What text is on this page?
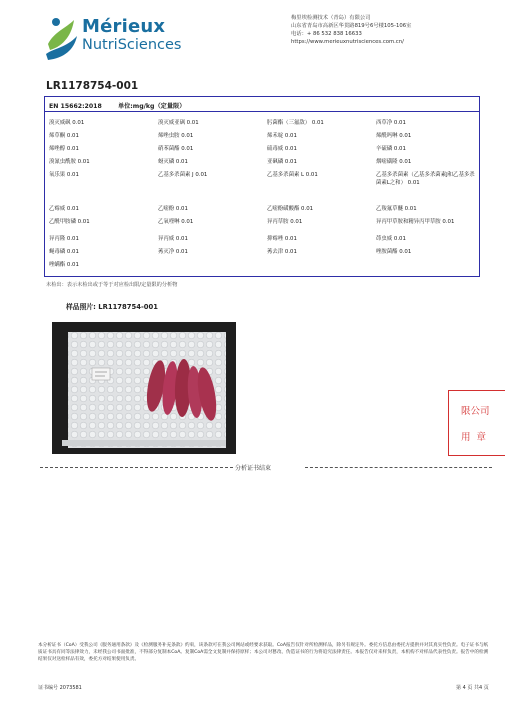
Mérieux
NutriSciences
梅里埃检测技术（青岛）有限公司
山东省青岛市高新区华贯路819号6号楼105-106室
电话：+ 86 532 838 16633
https://www.merieuxnutrisciences.com.cn/
LR1178754-001
EN 15662:2018	单位:mg/kg（定量限）
溴灭威砜 0.01	溴灭威亚砜 0.01	肟菌酯（三氟敌） 0.01	西草净 0.01
烯草酮 0.01	烯唑虫胺 0.01	烯禾啶 0.01	烯酰吗啉 0.01
烯唑醇 0.01	硝苯菌酯 0.01	硫毒威 0.01	辛硫磷 0.01
溴氰虫酰胺 0.01	蚜灭磷 0.01	亚砜磷 0.01	烟嘧磺隆 0.01
氧乐果 0.01	乙基多杀菌素 J 0.01	乙基多杀菌素 L 0.01	乙基多杀菌素（乙基多杀菌素J和乙基多杀菌素L之和） 0.01
乙霉威 0.01	乙嘧酚 0.01	乙嘧酚磺酸酯 0.01	乙羧氟草醚 0.01
乙酰甲胺磷 0.01	乙氧喹啉 0.01	异丙草胺 0.01	异丙甲草胺和精异丙甲草胺 0.01
异丙隆 0.01	异丙威 0.01	抑霉唑 0.01	茚虫威 0.01
蝇毒磷 0.01	莠灭净 0.01	莠去津 0.01	唑胺菌酯 0.01
唑螨酯 0.01
未检出：表示未检出或于等于对应检出限/定量限的分析物
样品照片: LR1178754-001
限公司
用章
分析证书结束
本分析证书（CoA）受我公司《服务通用条款》及《检测服务补充条款》约束，该条款可在我公司网站或经要求获取。CoA报告仅针对所检测样品，除另有规定外。委托方信息由委托方提供并对其真实性负责。电子证书与纸质证书具有同等法律效力，未经我公司书面批准，不得部分复制本CoA。复制CoA需全文复制并保持原样；本公司对篡改、伪造证书的行为将追究法律责任。本报告仅对来样负责，本机构不对样品代表性负责。报告中的检测结果仅对送检样品有效，委托方对结果使用负责。
证书编号 2073581	第 4 页 共4 页
